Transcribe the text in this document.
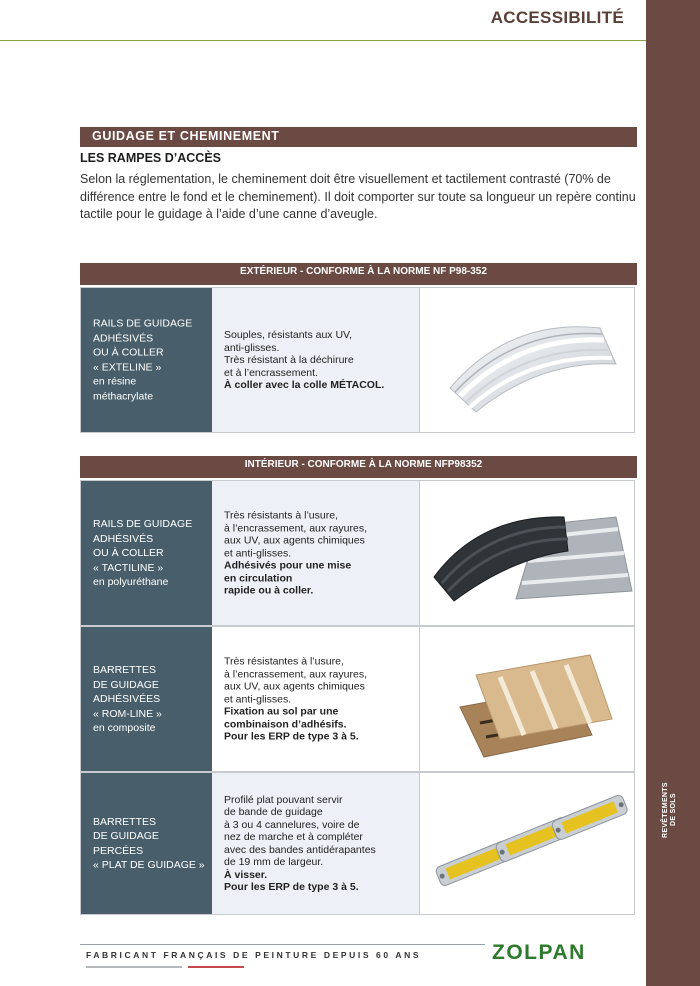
REVÊTEMENTS
DE SOLS
ACCESSIBILITÉ
GUIDAGE ET CHEMINEMENT
LES RAMPES D’ACCÈS
Selon la réglementation, le cheminement doit être visuellement et tactilement contrasté (70% de différence entre le fond et le cheminement). Il doit comporter sur toute sa longueur un repère continu tactile pour le guidage à l’aide d’une canne d’aveugle.
EXTÉRIEUR - CONFORME À LA NORME NF P98-352
RAILS DE GUIDAGE
ADHÉSIVÉS
OU À COLLER
« EXTELINE »
en résine
méthacrylate
Souples, résistants aux UV,
anti-glisses.
Très résistant à la déchirure
et à l’encrassement.
À coller avec la colle MÉTACOL.
INTÉRIEUR - CONFORME À LA NORME NFP98352
RAILS DE GUIDAGE
ADHÉSIVÉS
OU À COLLER
« TACTILINE »
en polyuréthane
Très résistants à l’usure,
à l’encrassement, aux rayures,
aux UV, aux agents chimiques
et anti-glisses.
Adhésivés pour une mise
en circulation
rapide ou à coller.
BARRETTES
DE GUIDAGE
ADHÉSIVÉES
« ROM-LINE »
en composite
Très résistantes à l’usure,
à l’encrassement, aux rayures,
aux UV, aux agents chimiques
et anti-glisses.
Fixation au sol par une
combinaison d’adhésifs.
Pour les ERP de type 3 à 5.
BARRETTES
DE GUIDAGE
PERCÉES
« PLAT DE GUIDAGE »
Profilé plat pouvant servir
de bande de guidage
à 3 ou 4 cannelures, voire de
nez de marche et à compléter
avec des bandes antidérapantes
de 19 mm de largeur.
À visser.
Pour les ERP de type 3 à 5.
FABRICANT FRANÇAIS DE PEINTURE DEPUIS 60 ANS	ZOLPAN
